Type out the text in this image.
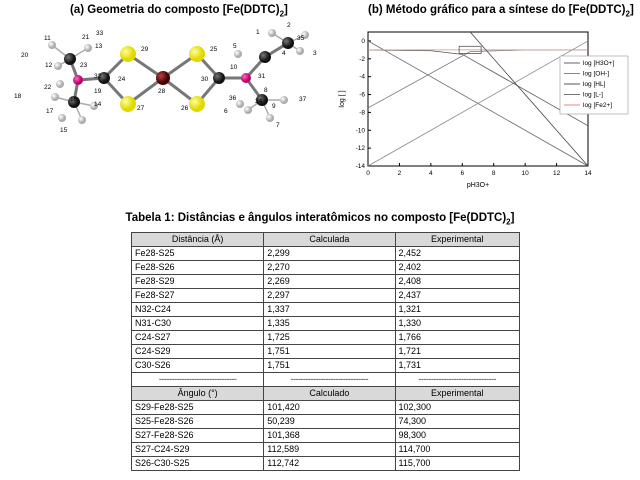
(a) Geometria do composto $[Fe(DDTC)_2]$	(b) Método gráfico para a síntese do $[Fe(DDTC)_2]$
28
29	25
27	26
24	30
32	31
23
16
10
8
21
17
1
9
11
13
33
20
12
22
18
19
14
15
2
35
5
4	3
36	34
6
37
7
0	2	4	6	8	10	12	14
0
-2
-4
-6
-8
-10
-12
-14
pH3O+
log [ ]
log [H3O+]
log [OH-]
log [HL]
log [L-]
log [Fe2+]
Tabela 1: Distâncias e ângulos interatômicos no composto $[Fe(DDTC)_2]$
Distância (Å)	Calculada	Experimental
Fe28-S25	2,299	2,452
Fe28-S26	2,270	2,402
Fe28-S29	2,269	2,408
Fe28-S27	2,297	2,437
N32-C24	1,337	1,321
N31-C30	1,335	1,330
C24-S27	1,725	1,766
C24-S29	1,751	1,721
C30-S26	1,751	1,731
-------------------------------	-------------------------------	-------------------------------
Ângulo (°)	Calculado	Experimental
S29-Fe28-S25	101,420	102,300
S25-Fe28-S26	50,239	74,300
S27-Fe28-S26	101,368	98,300
S27-C24-S29	112,589	114,700
S26-C30-S25	112,742	115,700
